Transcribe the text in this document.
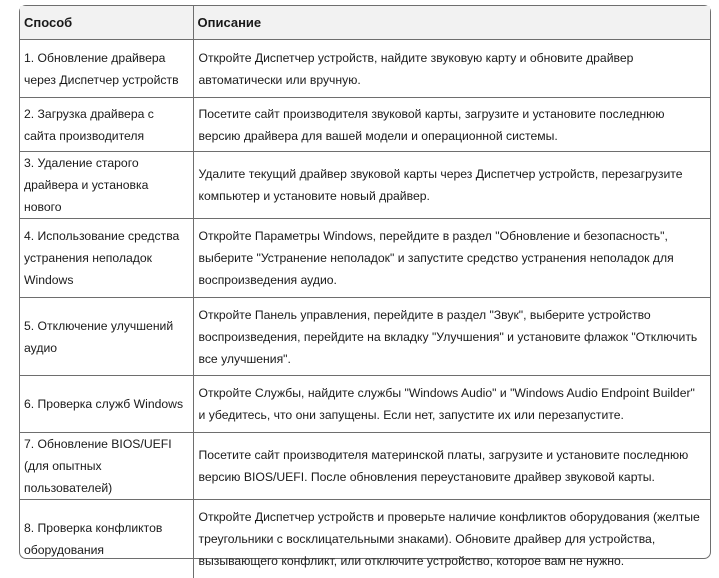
Способ	Описание
1. Обновление драйвера через Диспетчер устройств	Откройте Диспетчер устройств, найдите звуковую карту и обновите драйвер автоматически или вручную.
2. Загрузка драйвера с сайта производителя	Посетите сайт производителя звуковой карты, загрузите и установите последнюю версию драйвера для вашей модели и операционной системы.
3. Удаление старого драйвера и установка нового	Удалите текущий драйвер звуковой карты через Диспетчер устройств, перезагрузите компьютер и установите новый драйвер.
4. Использование средства устранения неполадок Windows	Откройте Параметры Windows, перейдите в раздел "Обновление и безопасность", выберите "Устранение неполадок" и запустите средство устранения неполадок для воспроизведения аудио.
5. Отключение улучшений аудио	Откройте Панель управления, перейдите в раздел "Звук", выберите устройство воспроизведения, перейдите на вкладку "Улучшения" и установите флажок "Отключить все улучшения".
6. Проверка служб Windows	Откройте Службы, найдите службы "Windows Audio" и "Windows Audio Endpoint Builder" и убедитесь, что они запущены. Если нет, запустите их или перезапустите.
7. Обновление BIOS/UEFI (для опытных пользователей)	Посетите сайт производителя материнской платы, загрузите и установите последнюю версию BIOS/UEFI. После обновления переустановите драйвер звуковой карты.
8. Проверка конфликтов оборудования	Откройте Диспетчер устройств и проверьте наличие конфликтов оборудования (желтые треугольники с восклицательными знаками). Обновите драйвер для устройства, вызывающего конфликт, или отключите устройство, которое вам не нужно.
